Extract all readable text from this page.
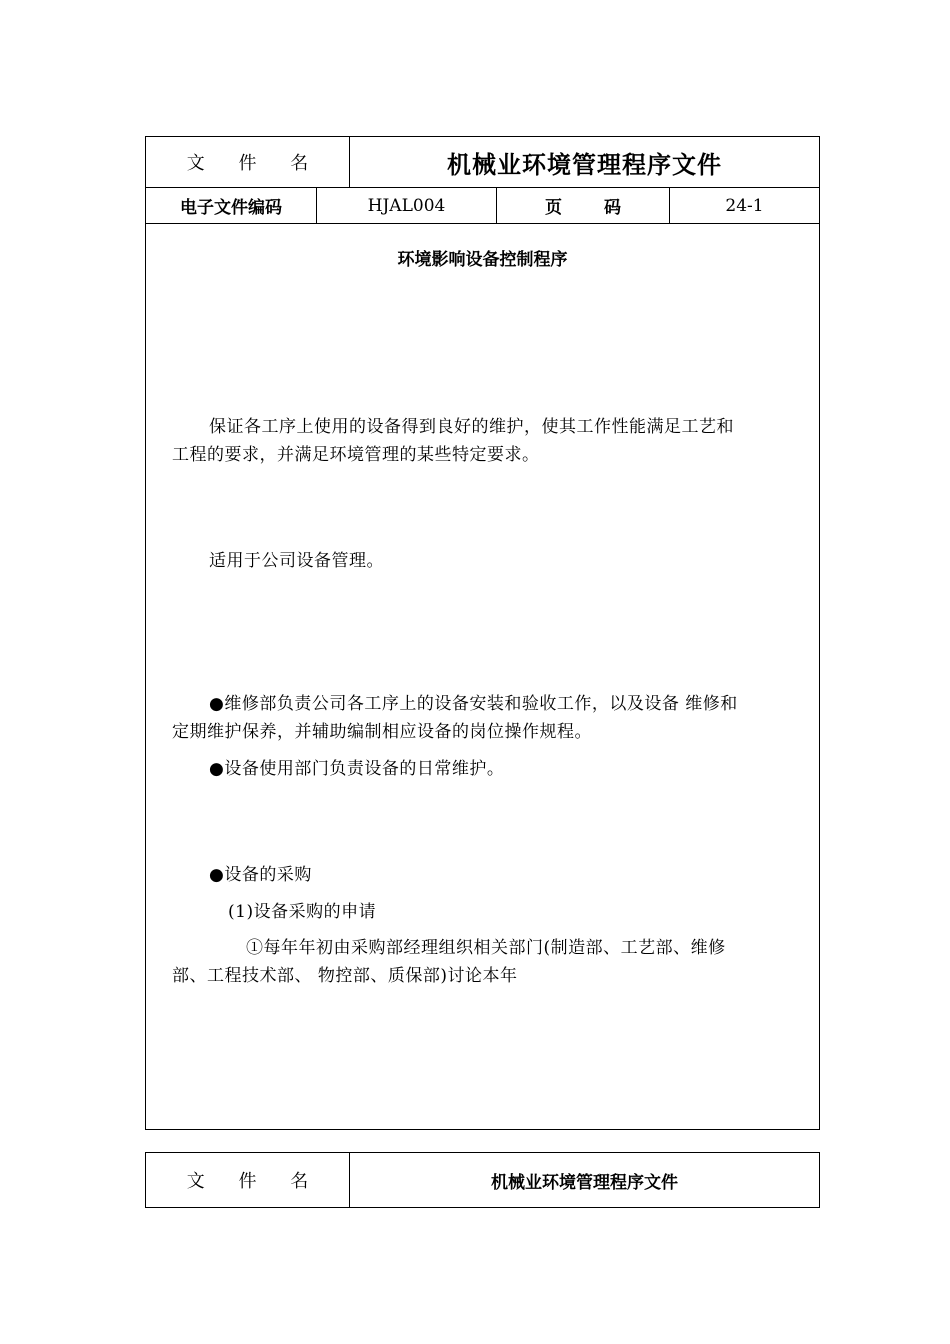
文 件 名	机械业环境管理程序文件
电子文件编码	HJAL004	页 码	24-1
环境影响设备控制程序
保证各工序上使用的设备得到良好的维护，使其工作性能满足工艺和
工程的要求，并满足环境管理的某些特定要求。
适用于公司设备管理。
●维修部负责公司各工序上的设备安装和验收工作，以及设备 维修和
定期维护保养，并辅助编制相应设备的岗位操作规程。
●设备使用部门负责设备的日常维护。
●设备的采购
(1)设备采购的申请
①每年年初由采购部经理组织相关部门(制造部、工艺部、维修
部、工程技术部、 物控部、质保部)讨论本年
文 件 名	机械业环境管理程序文件
